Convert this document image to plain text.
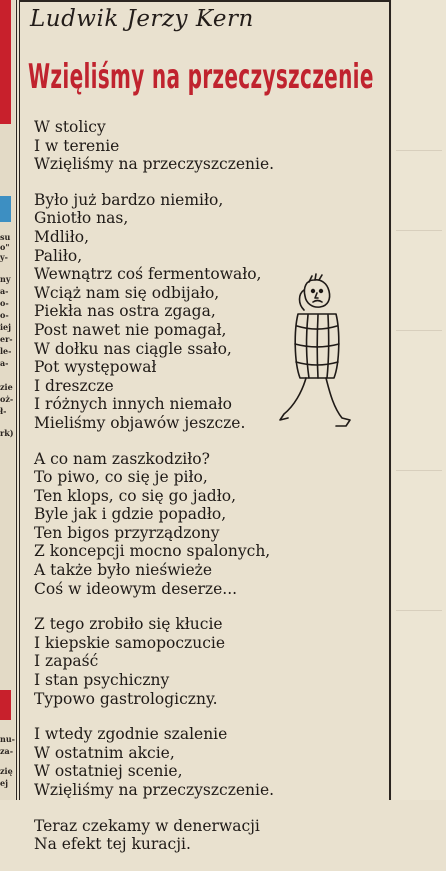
su
o"
y-
ny
a-
o-
o-
iej
er-
le-
a-
zie
oż-
ł-
rk)
nu-
za-
zię
ej
Ludwik Jerzy Kern
Wzięliśmy na przeczyszczenie
W stolicy
I w terenie
Wzięliśmy na przeczyszczenie.
Było już bardzo niemiło,
Gniotło nas,
Mdliło,
Paliło,
Wewnątrz coś fermentowało,
Wciąż nam się odbijało,
Piekła nas ostra zgaga,
Post nawet nie pomagał,
W dołku nas ciągle ssało,
Pot występował
I dreszcze
I różnych innych niemało
Mieliśmy objawów jeszcze.
A co nam zaszkodziło?
To piwo, co się je piło,
Ten klops, co się go jadło,
Byle jak i gdzie popadło,
Ten bigos przyrządzony
Z koncepcji mocno spalonych,
A także było nieświeże
Coś w ideowym deserze...
Z tego zrobiło się kłucie
I kiepskie samopoczucie
I zapaść
I stan psychiczny
Typowo gastrologiczny.
I wtedy zgodnie szalenie
W ostatnim akcie,
W ostatniej scenie,
Wzięliśmy na przeczyszczenie.
Teraz czekamy w denerwacji
Na efekt tej kuracji.
